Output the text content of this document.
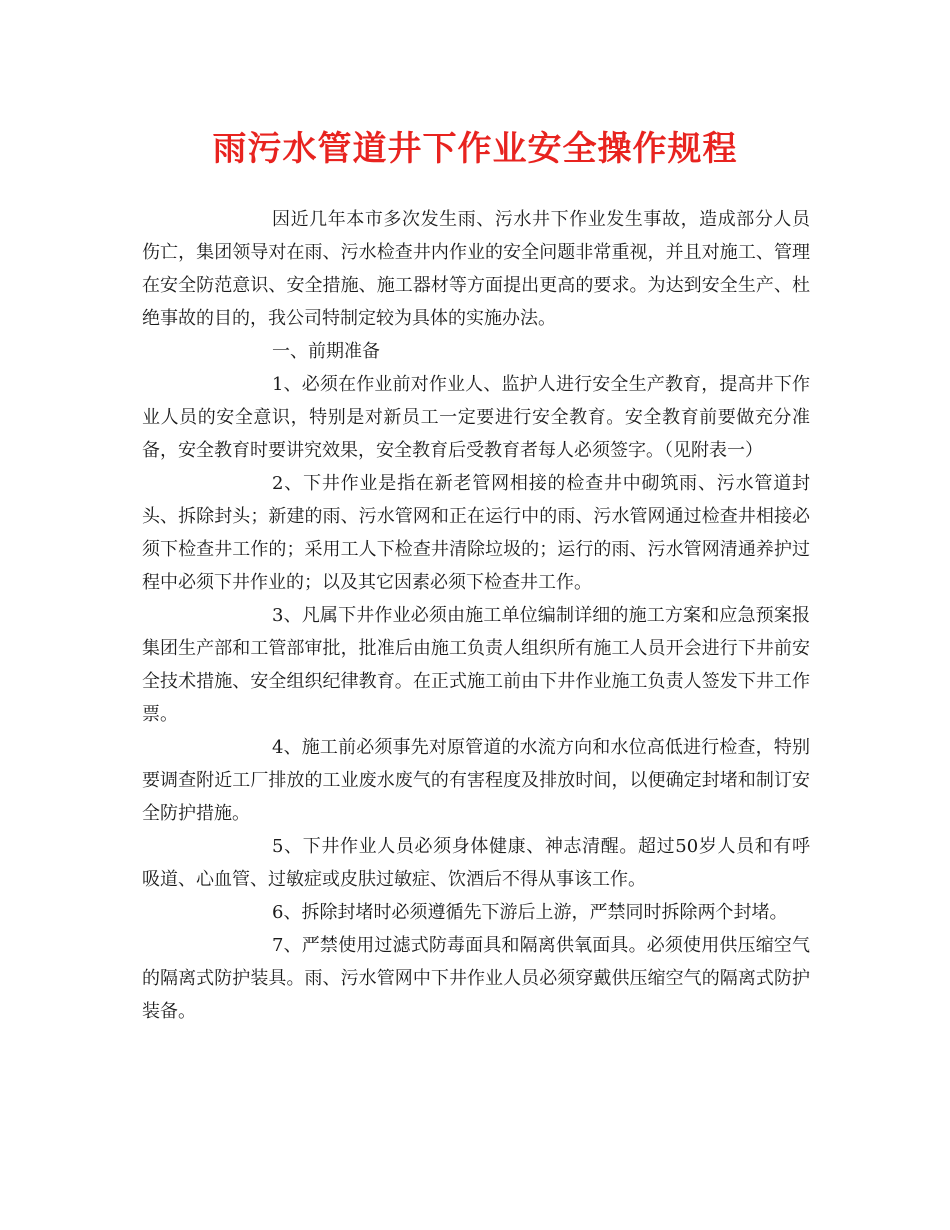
雨污水管道井下作业安全操作规程

因近几年本市多次发生雨、污水井下作业发生事故，造成部分人员伤亡，集团领导对在雨、污水检查井内作业的安全问题非常重视，并且对施工、管理在安全防范意识、安全措施、施工器材等方面提出更高的要求。为达到安全生产、杜绝事故的目的，我公司特制定较为具体的实施办法。

一、前期准备

1、必须在作业前对作业人、监护人进行安全生产教育，提高井下作业人员的安全意识，特别是对新员工一定要进行安全教育。安全教育前要做充分准备，安全教育时要讲究效果，安全教育后受教育者每人必须签字。（见附表一）

2、下井作业是指在新老管网相接的检查井中砌筑雨、污水管道封头、拆除封头；新建的雨、污水管网和正在运行中的雨、污水管网通过检查井相接必须下检查井工作的；采用工人下检查井清除垃圾的；运行的雨、污水管网清通养护过程中必须下井作业的；以及其它因素必须下检查井工作。

3、凡属下井作业必须由施工单位编制详细的施工方案和应急预案报集团生产部和工管部审批，批准后由施工负责人组织所有施工人员开会进行下井前安全技术措施、安全组织纪律教育。在正式施工前由下井作业施工负责人签发下井工作票。

4、施工前必须事先对原管道的水流方向和水位高低进行检查，特别要调查附近工厂排放的工业废水废气的有害程度及排放时间，以便确定封堵和制订安全防护措施。

5、下井作业人员必须身体健康、神志清醒。超过50岁人员和有呼吸道、心血管、过敏症或皮肤过敏症、饮酒后不得从事该工作。

6、拆除封堵时必须遵循先下游后上游，严禁同时拆除两个封堵。

7、严禁使用过滤式防毒面具和隔离供氧面具。必须使用供压缩空气的隔离式防护装具。雨、污水管网中下井作业人员必须穿戴供压缩空气的隔离式防护装备。
